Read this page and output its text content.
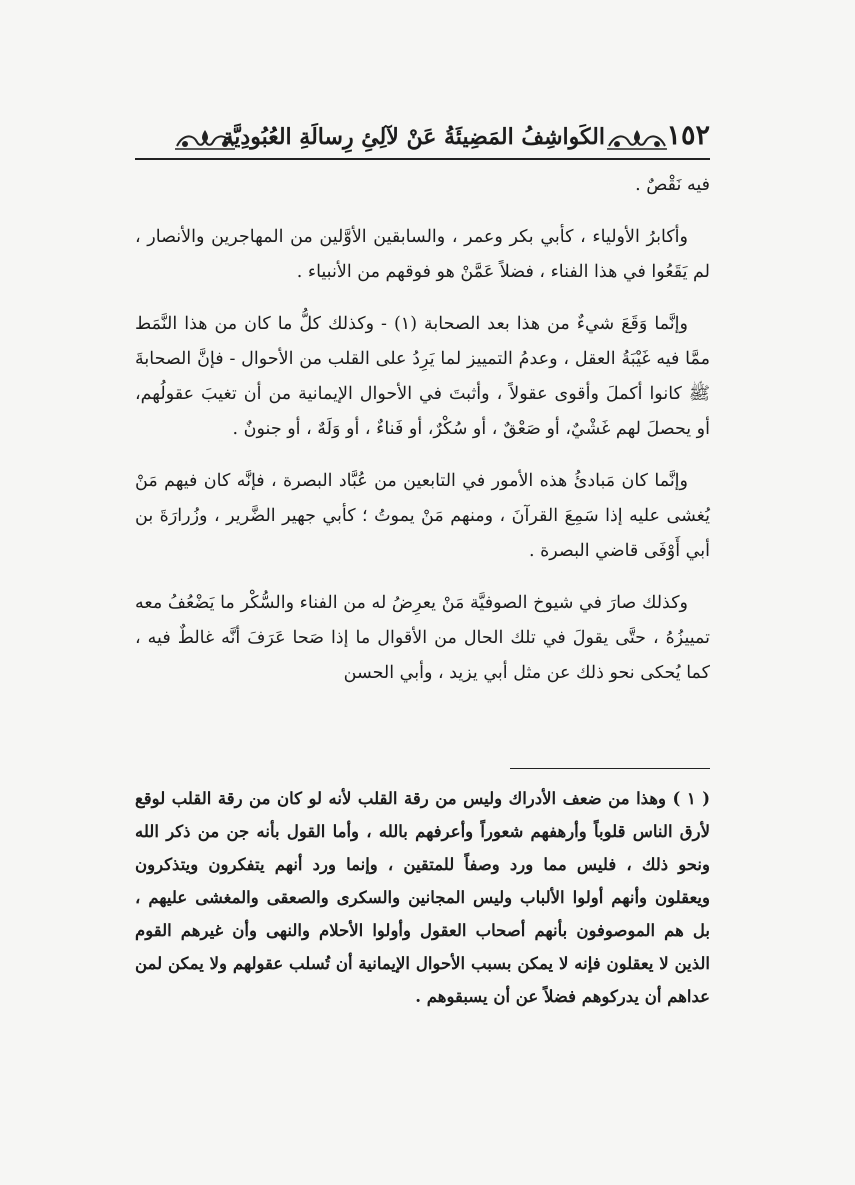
١٥٢
الكَواشِفُ المَضِيئَةُ عَنْ لآلِئِ رِسالَةِ العُبُودِيَّة

فيه نَقْصٌ .

وأكابرُ الأولياء ، كأبي بكر وعمر ، والسابقين الأوَّلين من المهاجرين والأنصار ، لم يَقَعُوا في هذا الفناء ، فضلاً عَمَّنْ هو فوقهم من الأنبياء .

وإنَّما وَقَعَ شيءٌ من هذا بعد الصحابة (١) - وكذلك كلُّ ما كان من هذا النَّمَط ممَّا فيه غَيْبَةُ العقل ، وعدمُ التمييز لما يَرِدُ على القلب من الأحوال - فإنَّ الصحابةَ ﷺ كانوا أكملَ وأقوى عقولاً ، وأثبتَ في الأحوال الإيمانية من أن تغيبَ عقولُهم، أو يحصلَ لهم غَشْيٌ، أو صَعْقٌ ، أو سُكْرٌ، أو فَناءٌ ، أو وَلَهٌ ، أو جنونٌ .

وإنَّما كان مَبادئُ هذه الأمور في التابعين من عُبَّاد البصرة ، فإنَّه كان فيهم مَنْ يُغشى عليه إذا سَمِعَ القرآنَ ، ومنهم مَنْ يموتُ ؛ كأبي جهير الضَّرير ، وزُرارَةَ بن أبي أَوْفَى قاضي البصرة .

وكذلك صارَ في شيوخ الصوفيَّة مَنْ يعرِضُ له من الفناء والسُّكْر ما يَضْعُفُ معه تمييزُهُ ، حتَّى يقولَ في تلك الحال من الأقوال ما إذا صَحا عَرَفَ أنَّه غالطٌ فيه ، كما يُحكى نحو ذلك عن مثل أبي يزيد ، وأبي الحسن

( ١ ) وهذا من ضعف الأدراك وليس من رقة القلب لأنه لو كان من رقة القلب لوقع لأرق الناس قلوباً وأرهفهم شعوراً وأعرفهم بالله ، وأما القول بأنه جن من ذكر الله ونحو ذلك ، فليس مما ورد وصفاً للمتقين ، وإنما ورد أنهم يتفكرون ويتذكرون ويعقلون وأنهم أولوا الألباب وليس المجانين والسكرى والصعقى والمغشى عليهم ، بل هم الموصوفون بأنهم أصحاب العقول وأولوا الأحلام والنهى وأن غيرهم القوم الذين لا يعقلون فإنه لا يمكن بسبب الأحوال الإيمانية أن تُسلب عقولهم ولا يمكن لمن عداهم أن يدركوهم فضلاً عن أن يسبقوهم .
